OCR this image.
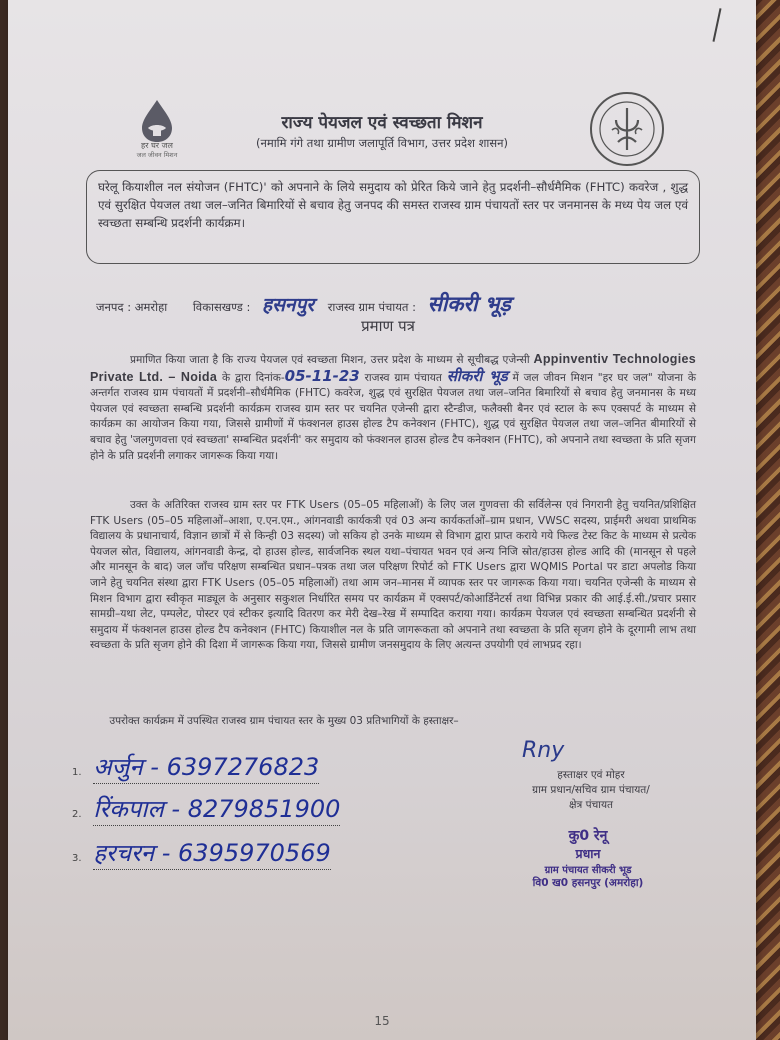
हर घर जल
जल जीवन मिशन
राज्य पेयजल एवं स्वच्छता मिशन
(नमामि गंगे तथा ग्रामीण जलापूर्ति विभाग, उत्तर प्रदेश शासन)
घरेलू कियाशील नल संयोजन (FHTC)' को अपनाने के लिये समुदाय को प्रेरित किये जाने हेतु प्रदर्शनी–सौर्धमैमिक (FHTC) कवरेज , शुद्ध एवं सुरक्षित पेयजल तथा जल–जनित बिमारियों से बचाव हेतु जनपद की समस्त राजस्व ग्राम पंचायतों स्तर पर जनमानस के मध्य पेय जल एवं स्वच्छता सम्बन्धि प्रदर्शनी कार्यक्रम।
जनपद : अमरोहा विकासखण्ड : हसनपुर राजस्व ग्राम पंचायत : सीकरी भूड़
प्रमाण पत्र
प्रमाणित किया जाता है कि राज्य पेयजल एवं स्वच्छता मिशन, उत्तर प्रदेश के माध्यम से सूचीबद्ध एजेन्सी Appinventiv Technologies Private Ltd. – Noida के द्वारा दिनांक-05-11-23 राजस्व ग्राम पंचायत सीकरी भूड में जल जीवन मिशन "हर घर जल" योजना के अन्तर्गत राजस्व ग्राम पंचायतों में प्रदर्शनी–सौर्धमैमिक (FHTC) कवरेज, शुद्ध एवं सुरक्षित पेयजल तथा जल–जनित बिमारियों से बचाव हेतु जनमानस के मध्य पेयजल एवं स्वच्छता सम्बन्धि प्रदर्शनी कार्यक्रम राजस्व ग्राम स्तर पर चयनित एजेन्सी द्वारा स्टैन्डीज, फलैक्सी बैनर एवं स्टाल के रूप एक्सपर्ट के माध्यम से कार्यक्रम का आयोजन किया गया, जिससे ग्रामीणों में फंक्शनल हाउस होल्ड टैप कनेक्शन (FHTC), शुद्ध एवं सुरक्षित पेयजल तथा जल–जनित बीमारियों से बचाव हेतु 'जलगुणवत्ता एवं स्वच्छता' सम्बन्धित प्रदर्शनी' कर समुदाय को फंक्शनल हाउस होल्ड टैप कनेक्शन (FHTC), को अपनाने तथा स्वच्छता के प्रति सृजग होने के प्रति प्रदर्शनी लगाकर जागरूक किया गया।
उक्त के अतिरिक्त राजस्व ग्राम स्तर पर FTK Users (05–05 महिलाओं) के लिए जल गुणवत्ता की सर्विलेन्स एवं निगरानी हेतु चयनित/प्रशिक्षित FTK Users (05–05 महिलाओं–आशा, ए.एन.एम., आंगनवाडी कार्यकत्री एवं 03 अन्य कार्यकर्ताओं–ग्राम प्रधान, VWSC सदस्य, प्राईमरी अथवा प्राथमिक विद्यालय के प्रधानाचार्य, विज्ञान छात्रों में से किन्ही 03 सदस्य) जो सकिय हो उनके माध्यम से विभाग द्वारा प्राप्त कराये गये फिल्ड टेस्ट किट के माध्यम से प्रत्येक पेयजल स्रोत, विद्यालय, आंगनवाडी केन्द्र, दो हाउस होल्ड, सार्वजनिक स्थल यथा–पंचायत भवन एवं अन्य निजि स्रोत/हाउस होल्ड आदि की (मानसून से पहले और मानसून के बाद) जल जाँच परिक्षण सम्बन्धित प्रधान–पत्रक तथा जल परिक्षण रिपोर्ट को FTK Users द्वारा WQMIS Portal पर डाटा अपलोड किया जाने हेतु चयनित संस्था द्वारा FTK Users (05–05 महिलाओं) तथा आम जन–मानस में व्यापक स्तर पर जागरूक किया गया। चयनित एजेन्सी के माध्यम से मिशन विभाग द्वारा स्वीकृत माड्यूल के अनुसार सकुशल निर्धारित समय पर कार्यक्रम में एक्सपर्ट/कोआर्डिनेटर्स तथा विभिन्न प्रकार की आई.ई.सी./प्रचार प्रसार सामग्री–यथा लेट, पम्पलेट, पोस्टर एवं स्टीकर इत्यादि वितरण कर मेरी देख–रेख में सम्पादित कराया गया। कार्यक्रम पेयजल एवं स्वच्छता सम्बन्धित प्रदर्शनी से समुदाय में फंक्शनल हाउस होल्ड टैप कनेक्शन (FHTC) कियाशील नल के प्रति जागरूकता को अपनाने तथा स्वच्छता के प्रति सृजग होने के दूरगामी लाभ तथा स्वच्छता के प्रति सृजग होने की दिशा में जागरूक किया गया, जिससे ग्रामीण जनसमुदाय के लिए अत्यन्त उपयोगी एवं लाभप्रद रहा।
उपरोक्त कार्यक्रम में उपस्थित राजस्व ग्राम पंचायत स्तर के मुख्य 03 प्रतिभागियों के हस्ताक्षर–
1. अर्जुन - 6397276823
2. रिंकपाल - 8279851900
3. हरचरन - 6395970569
Rny
हस्ताक्षर एवं मोहर
ग्राम प्रधान/सचिव ग्राम पंचायत/
क्षेत्र पंचायत
कु0 रेनू
प्रधान
ग्राम पंचायत सीकरी भूड
वि0 ख0 हसनपुर (अमरोहा)
15
